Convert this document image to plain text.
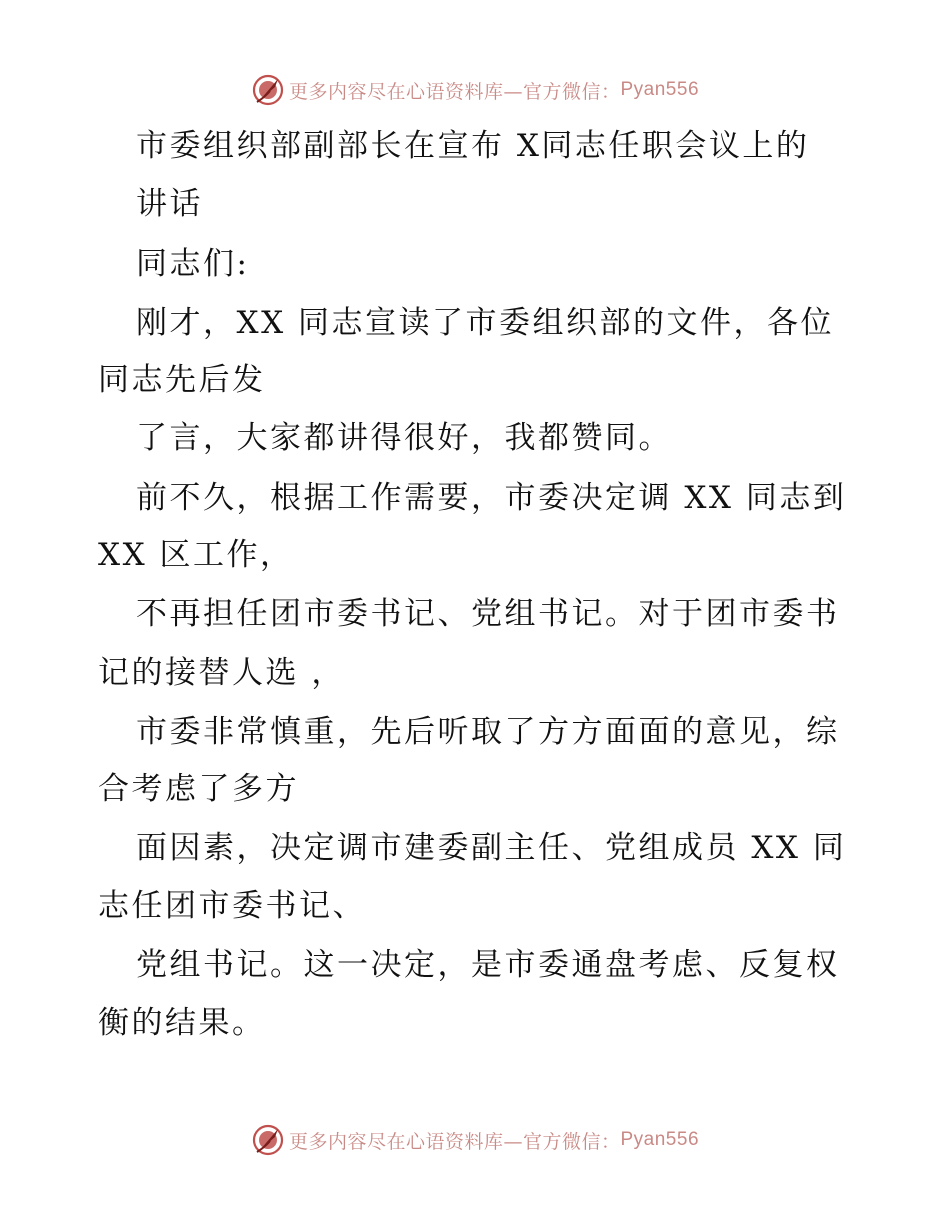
更多内容尽在心语资料库—官方微信： Pyan556
市委组织部副部长在宣布 X同志任职会议上的
讲话
同志们:
刚才，XX 同志宣读了市委组织部的文件，各位
同志先后发
了言，大家都讲得很好，我都赞同。
前不久，根据工作需要，市委决定调 XX 同志到
XX 区工作，
不再担任团市委书记、党组书记。对于团市委书
记的接替人选 ，
市委非常慎重，先后听取了方方面面的意见，综
合考虑了多方
面因素，决定调市建委副主任、党组成员 XX 同
志任团市委书记、
党组书记。这一决定，是市委通盘考虑、反复权
衡的结果。
更多内容尽在心语资料库—官方微信： Pyan556
